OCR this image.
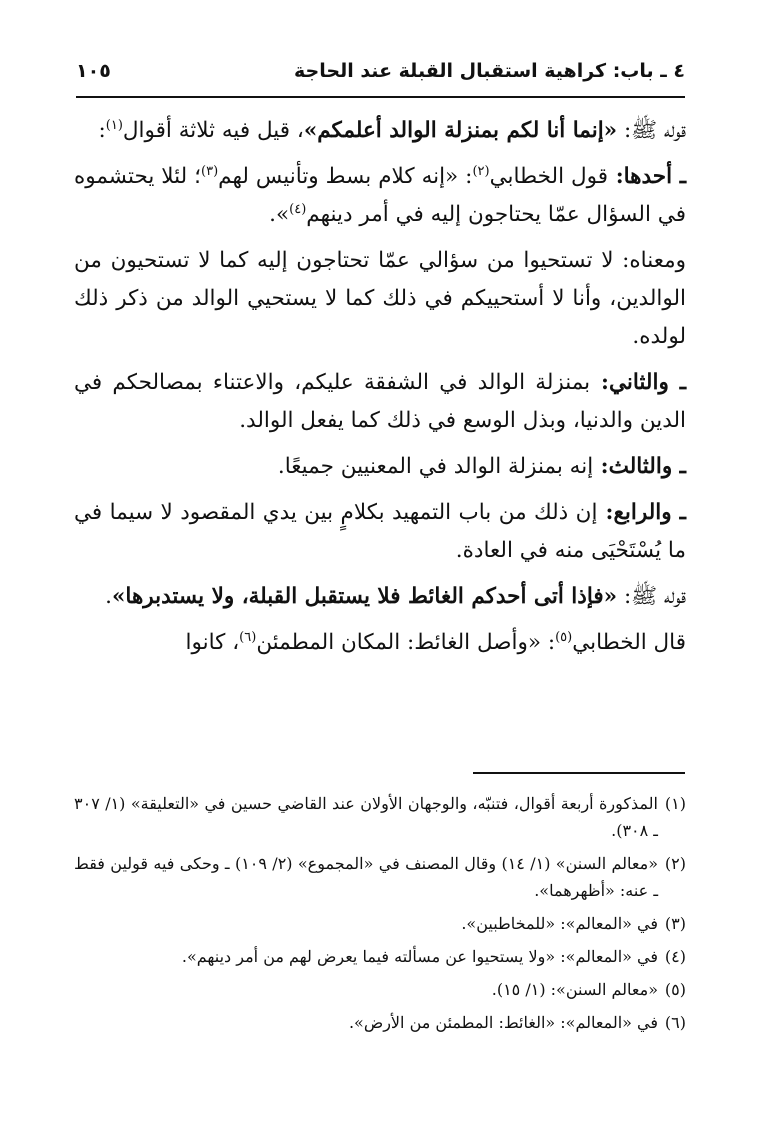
٤ ـ باب: كراهية استقبال القبلة عند الحاجة
١٠٥

قوله ﷺ: «إنما أنا لكم بمنزلة الوالد أعلمكم»، قيل فيه ثلاثة أقوال$^{(١)}$:

ـ أحدها: قول الخطابي$^{(٢)}$: «إنه كلام بسط وتأنيس لهم$^{(٣)}$؛ لئلا يحتشموه في السؤال عمّا يحتاجون إليه في أمر دينهم$^{(٤)}$».

ومعناه: لا تستحيوا من سؤالي عمّا تحتاجون إليه كما لا تستحيون من الوالدين، وأنا لا أستحييكم في ذلك كما لا يستحيي الوالد من ذكر ذلك لولده.

ـ والثاني: بمنزلة الوالد في الشفقة عليكم، والاعتناء بمصالحكم في الدين والدنيا، وبذل الوسع في ذلك كما يفعل الوالد.

ـ والثالث: إنه بمنزلة الوالد في المعنيين جميعًا.

ـ والرابع: إن ذلك من باب التمهيد بكلامٍ بين يدي المقصود لا سيما في ما يُسْتَحْيَى منه في العادة.

قوله ﷺ: «فإذا أتى أحدكم الغائط فلا يستقبل القبلة، ولا يستدبرها».

قال الخطابي$^{(٥)}$: «وأصل الغائط: المكان المطمئن$^{(٦)}$، كانوا

(١)
المذكورة أربعة أقوال، فتنبّه، والوجهان الأولان عند القاضي حسين في «التعليقة» (١/ ٣٠٧ ـ ٣٠٨).
(٢)
«معالم السنن» (١/ ١٤) وقال المصنف في «المجموع» (٢/ ١٠٩) ـ وحكى فيه قولين فقط ـ عنه: «أظهرهما».
(٣)
في «المعالم»: «للمخاطبين».
(٤)
في «المعالم»: «ولا يستحيوا عن مسألته فيما يعرض لهم من أمر دينهم».
(٥)
«معالم السنن»: (١/ ١٥).
(٦)
في «المعالم»: «الغائط: المطمئن من الأرض».
